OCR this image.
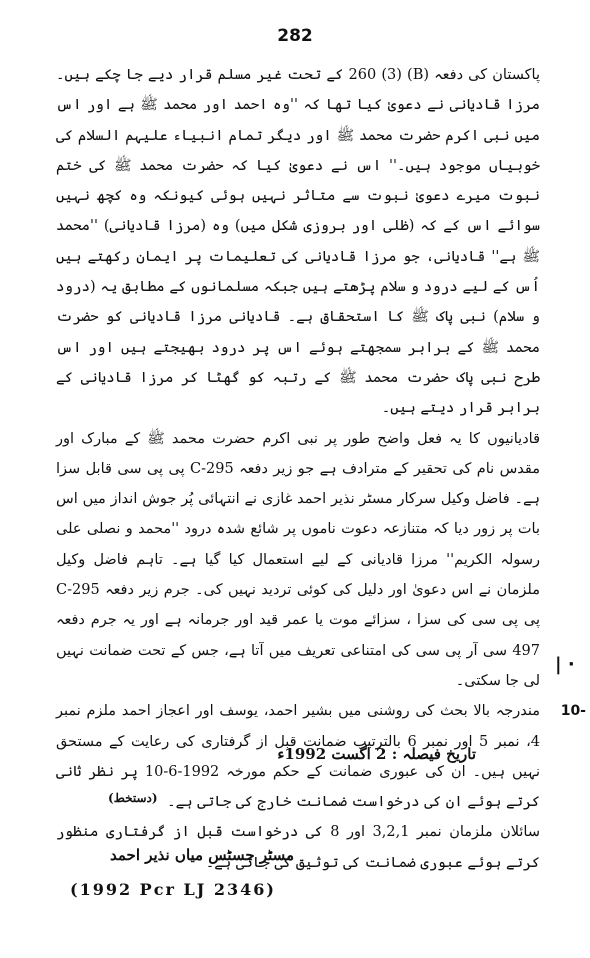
282

پاکستان کی دفعہ (B) (3) 260 کے تحت غیر مسلم قرار دیے جا چکے ہیں۔ مرزا قادیانی نے دعویٰ کیا تھا کہ ''وہ احمد اور محمد ﷺ ہے اور اس میں نبی اکرم حضرت محمد ﷺ اور دیگر تمام انبیاء علیہم السلام کی خوبیاں موجود ہیں۔'' اس نے دعویٰ کیا کہ حضرت محمد ﷺ کی ختم نبوت میرے دعویٰ نبوت سے متاثر نہیں ہوئی کیونکہ وہ کچھ نہیں سوائے اس کے کہ (ظلی اور بروزی شکل میں) وہ (مرزا قادیانی) ''محمد ﷺ ہے'' قادیانی، جو مرزا قادیانی کی تعلیمات پر ایمان رکھتے ہیں اُس کے لیے درود و سلام پڑھتے ہیں جبکہ مسلمانوں کے مطابق یہ (درود و سلام) نبی پاک ﷺ کا استحقاق ہے۔ قادیانی مرزا قادیانی کو حضرت محمد ﷺ کے برابر سمجھتے ہوئے اس پر درود بھیجتے ہیں اور اس طرح نبی پاک حضرت محمد ﷺ کے رتبہ کو گھٹا کر مرزا قادیانی کے برابر قرار دیتے ہیں۔

قادیانیوں کا یہ فعل واضح طور پر نبی اکرم حضرت محمد ﷺ کے مبارک اور مقدس نام کی تحقیر کے مترادف ہے جو زیر دفعہ C-295 پی پی سی قابل سزا ہے۔ فاضل وکیل سرکار مسٹر نذیر احمد غازی نے انتہائی پُر جوش انداز میں اس بات پر زور دیا کہ متنازعہ دعوت ناموں پر شائع شدہ درود ''محمد و نصلی علی رسولہ الکریم'' مرزا قادیانی کے لیے استعمال کیا گیا ہے۔ تاہم فاضل وکیل ملزمان نے اس دعویٰ اور دلیل کی کوئی تردید نہیں کی۔ جرم زیر دفعہ C-295 پی پی سی کی سزا ، سزائے موت یا عمر قید اور جرمانہ ہے اور یہ جرم دفعہ 497 سی آر پی سی کی امتناعی تعریف میں آتا ہے، جس کے تحت ضمانت نہیں لی جا سکتی۔

10-
مندرجہ بالا بحث کی روشنی میں بشیر احمد، یوسف اور اعجاز احمد ملزم نمبر 4، نمبر 5 اور نمبر 6 بالترتیب ضمانت قبل از گرفتاری کی رعایت کے مستحق نہیں ہیں۔ ان کی عبوری ضمانت کے حکم مورخہ 1992-6-10 پر نظر ثانی کرتے ہوئے ان کی درخواست ضمانت خارج کی جاتی ہے۔

سائلان ملزمان نمبر 3,2,1 اور 8 کی درخواست قبل از گرفتاری منظور کرتے ہوئے عبوری ضمانت کی توثیق کی جاتی ہے۔

| ·
تاریخ فیصلہ : 2 اگست 1992ء
(دستخط)
مسٹر جسٹس میاں نذیر احمد
(1992 Pcr LJ 2346)
